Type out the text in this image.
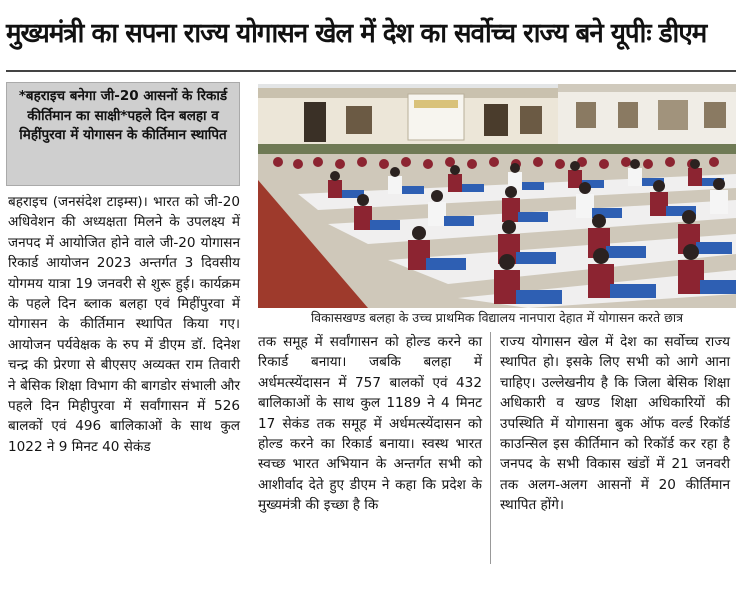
मुख्यमंत्री का सपना राज्य योगासन खेल में देश का सर्वोच्च राज्य बने यूपीः डीएम
*बहराइच बनेगा जी-20 आसनों के रिकार्ड कीर्तिमान का साक्षी*पहले दिन बलहा व मिहींपुरवा में योगासन के कीर्तिमान स्थापित
बहराइच (जनसंदेश टाइम्स)। भारत को जी-20 अधिवेशन की अध्यक्षता मिलने के उपलक्ष्य में जनपद में आयोजित होने वाले जी-20 योगासन रिकार्ड आयोजन 2023 अन्तर्गत 3 दिवसीय योगमय यात्रा 19 जनवरी से शुरू हुई। कार्यक्रम के पहले दिन ब्लाक बलहा एवं मिहींपुरवा में योगासन के कीर्तिमान स्थापित किया गए। आयोजन पर्यवेक्षक के रुप में डीएम डॉ. दिनेश चन्द्र की प्रेरणा से बीएसए अव्यक्त राम तिवारी ने बेसिक शिक्षा विभाग की बागडोर संभाली और पहले दिन मिहीपुरवा में सर्वांगासन में 526 बालकों एवं 496 बालिकाओं के साथ कुल 1022 ने 9 मिनट 40 सेकंड
विकासखण्ड बलहा के उच्च प्राथमिक विद्यालय नानपारा देहात में योगासन करते छात्र
तक समूह में सर्वांगासन को होल्ड करने का रिकार्ड बनाया। जबकि बलहा में अर्धमत्स्येंदासन में 757 बालकों एवं 432 बालिकाओं के साथ कुल 1189 ने 4 मिनट 17 सेकंड तक समूह में अर्धमत्स्येंदासन को होल्ड करने का रिकार्ड बनाया। स्वस्थ भारत स्वच्छ भारत अभियान के अन्तर्गत सभी को आशीर्वाद देते हुए डीएम ने कहा कि प्रदेश के मुख्यमंत्री की इच्छा है कि
राज्य योगासन खेल में देश का सर्वोच्च राज्य स्थापित हो। इसके लिए सभी को आगे आना चाहिए। उल्लेखनीय है कि जिला बेसिक शिक्षा अधिकारी व खण्ड शिक्षा अधिकारियों की उपस्थिति में योगासना बुक ऑफ वर्ल्ड रिकॉर्ड काउन्सिल इस कीर्तिमान को रिकॉर्ड कर रहा है जनपद के सभी विकास खंडों में 21 जनवरी तक अलग-अलग आसनों में 20 कीर्तिमान स्थापित होंगे।
